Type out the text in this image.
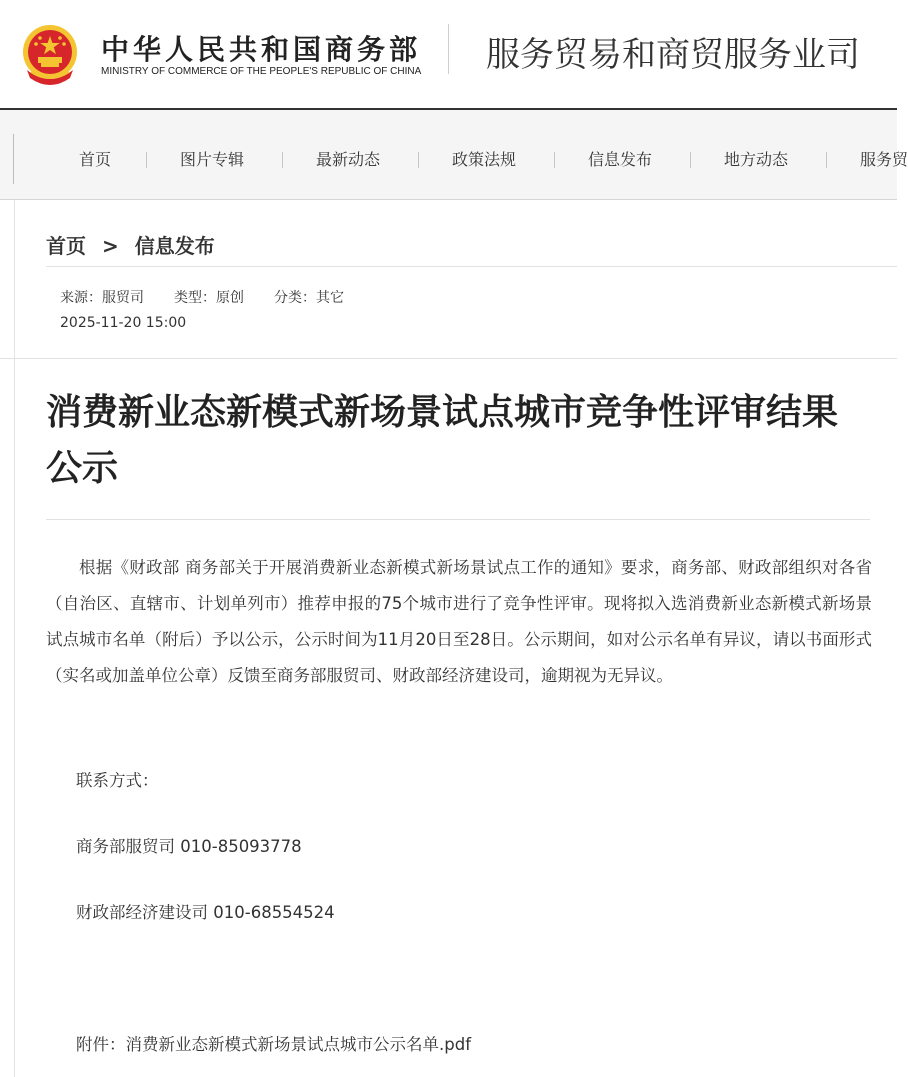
中华人民共和国商务部
MINISTRY OF COMMERCE OF THE PEOPLE'S REPUBLIC OF CHINA 服务贸易和商贸服务业司
首页	图片专辑	最新动态	政策法规	信息发布	地方动态	服务贸
首页 > 信息发布
来源：服贸司 类型：原创 分类：其它
2025-11-20 15:00
消费新业态新模式新场景试点城市竞争性评审结果公示

根据《财政部 商务部关于开展消费新业态新模式新场景试点工作的通知》要求，商务部、财政部组织对各省（自治区、直辖市、计划单列市）推荐申报的75个城市进行了竞争性评审。现将拟入选消费新业态新模式新场景试点城市名单（附后）予以公示，公示时间为11月20日至28日。公示期间，如对公示名单有异议，请以书面形式（实名或加盖单位公章）反馈至商务部服贸司、财政部经济建设司，逾期视为无异议。

联系方式：
商务部服贸司 010-85093778
财政部经济建设司 010-68554524
附件：消费新业态新模式新场景试点城市公示名单.pdf
